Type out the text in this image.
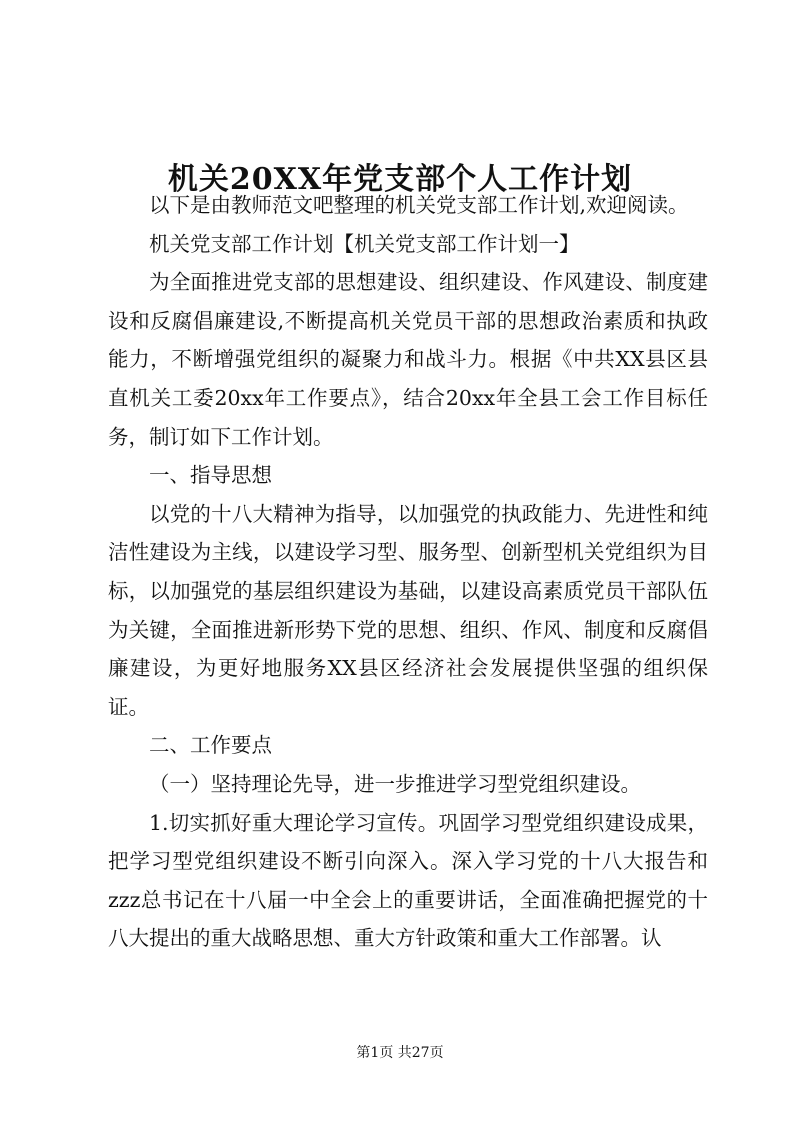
机关20XX年党支部个人工作计划

以下是由教师范文吧整理的机关党支部工作计划,欢迎阅读。

机关党支部工作计划【机关党支部工作计划一】

为全面推进党支部的思想建设、组织建设、作风建设、制度建设和反腐倡廉建设,不断提高机关党员干部的思想政治素质和执政能力，不断增强党组织的凝聚力和战斗力。根据《中共XX县区县直机关工委20xx年工作要点》，结合20xx年全县工会工作目标任务，制订如下工作计划。

一、指导思想

以党的十八大精神为指导，以加强党的执政能力、先进性和纯洁性建设为主线，以建设学习型、服务型、创新型机关党组织为目标，以加强党的基层组织建设为基础，以建设高素质党员干部队伍为关键，全面推进新形势下党的思想、组织、作风、制度和反腐倡廉建设，为更好地服务XX县区经济社会发展提供坚强的组织保证。

二、工作要点

（一）坚持理论先导，进一步推进学习型党组织建设。

1.切实抓好重大理论学习宣传。巩固学习型党组织建设成果，把学习型党组织建设不断引向深入。深入学习党的十八大报告和zzz总书记在十八届一中全会上的重要讲话，全面准确把握党的十八大提出的重大战略思想、重大方针政策和重大工作部署。认

第1页 共27页
